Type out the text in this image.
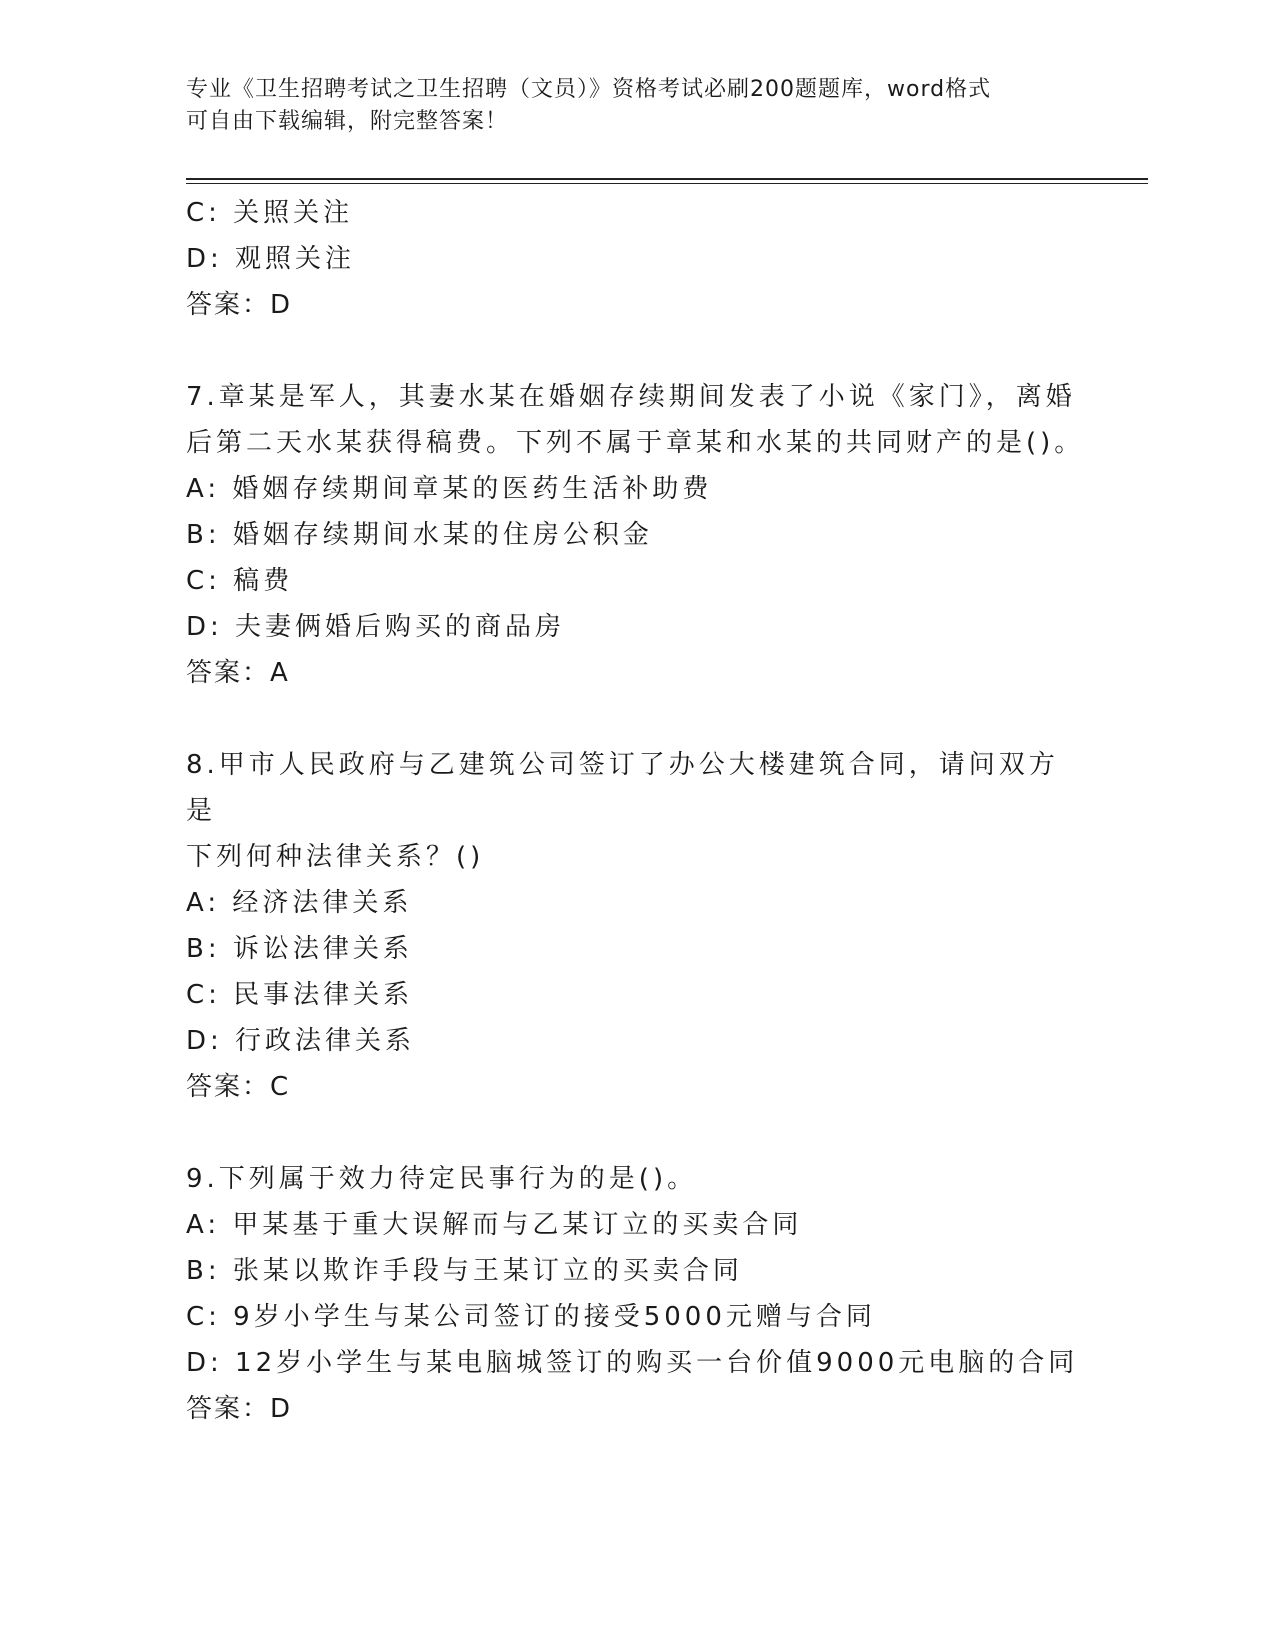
专业《卫生招聘考试之卫生招聘（文员）》资格考试必刷200题题库，word格式
可自由下载编辑，附完整答案！
C: 关照关注
D: 观照关注
答案：D
7.章某是军人，其妻水某在婚姻存续期间发表了小说《家门》，离婚
后第二天水某获得稿费。下列不属于章某和水某的共同财产的是()。
A: 婚姻存续期间章某的医药生活补助费
B: 婚姻存续期间水某的住房公积金
C: 稿费
D: 夫妻俩婚后购买的商品房
答案：A
8.甲市人民政府与乙建筑公司签订了办公大楼建筑合同，请问双方是
下列何种法律关系？()
A: 经济法律关系
B: 诉讼法律关系
C: 民事法律关系
D: 行政法律关系
答案：C
9.下列属于效力待定民事行为的是()。
A: 甲某基于重大误解而与乙某订立的买卖合同
B: 张某以欺诈手段与王某订立的买卖合同
C: 9岁小学生与某公司签订的接受5000元赠与合同
D: 12岁小学生与某电脑城签订的购买一台价值9000元电脑的合同
答案：D
